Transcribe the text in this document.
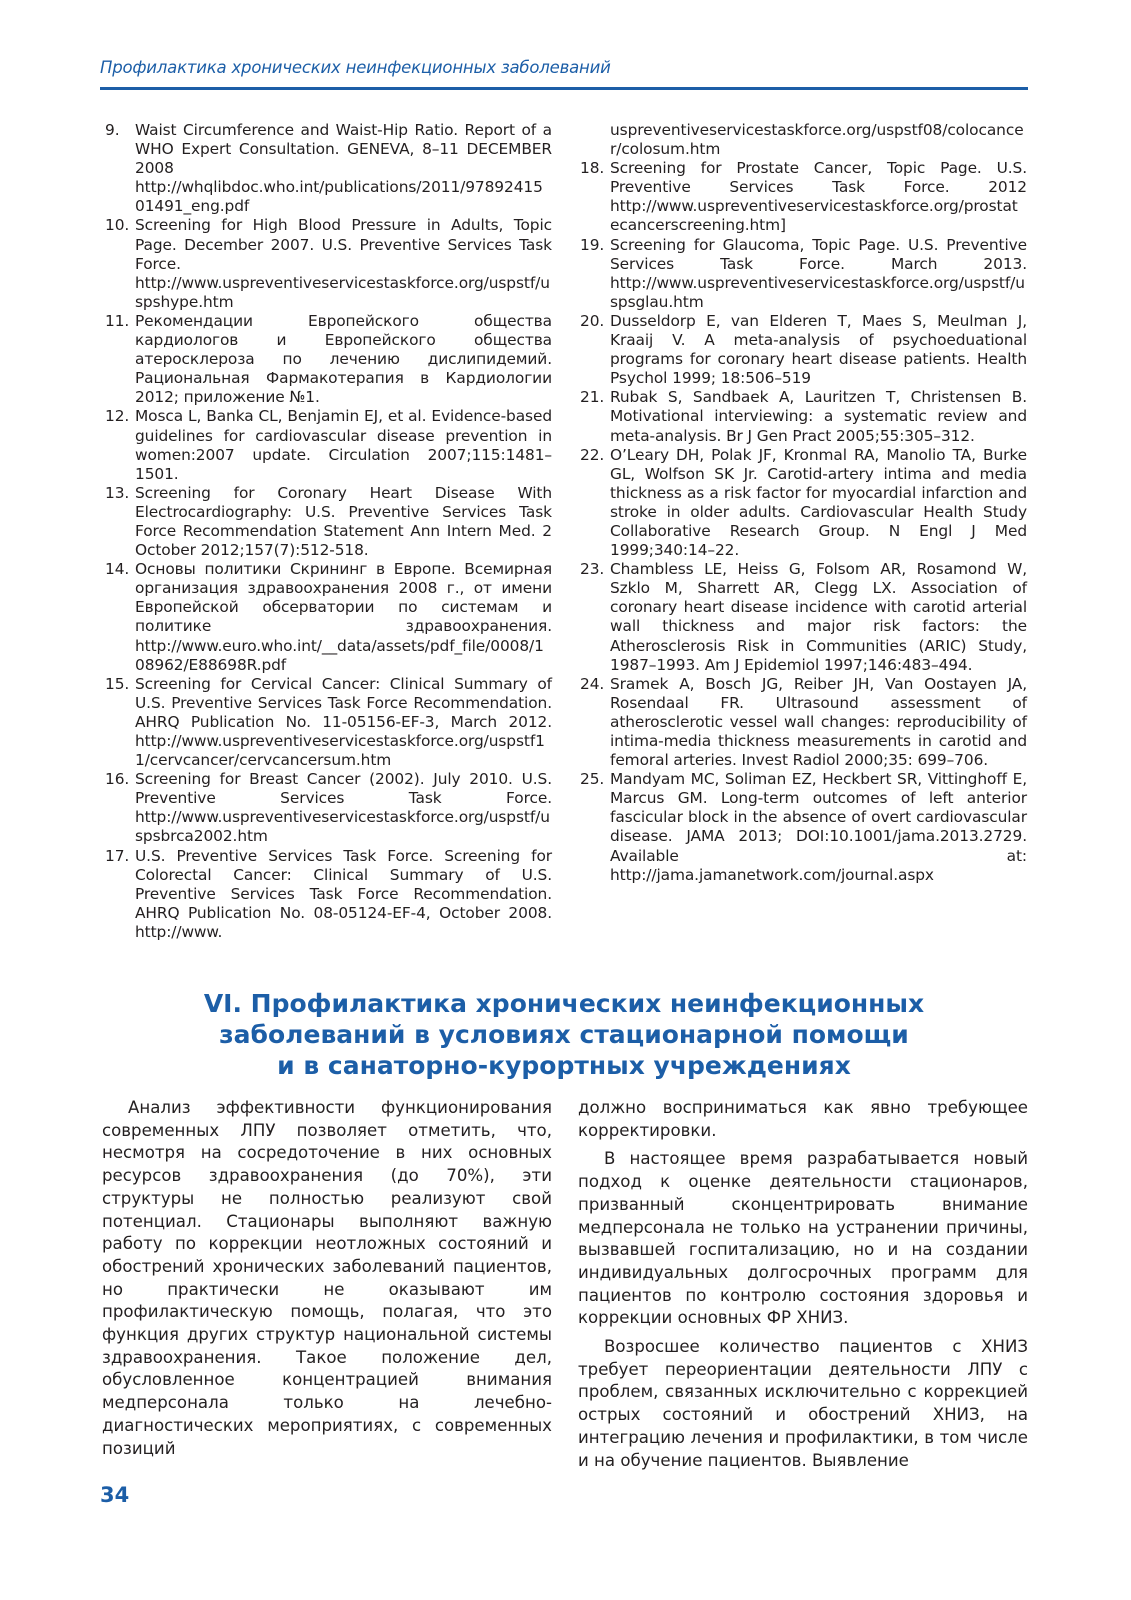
Профилактика хронических неинфекционных заболеваний
9.	Waist Circumference and Waist-Hip Ratio. Report of a WHO Expert Consultation. GENEVA, 8–11 DECEMBER 2008 http://whqlibdoc.who.int/publications/2011/9789241501491_eng.pdf
10. Screening for High Blood Pressure in Adults, Topic Page. December 2007. U.S. Preventive Services Task Force. http://www.uspreventiveservicestaskforce.org/uspstf/uspshype.htm
11. Рекомендации Европейского общества кардиологов и Европейского общества атеросклероза по лечению дислипидемий. Рациональная Фармакотерапия в Кардиологии 2012; приложение №1.
12. Mosca L, Banka CL, Benjamin EJ, et al. Evidence-based guidelines for cardiovascular disease prevention in women:2007 update. Circulation 2007;115:1481–1501.
13. Screening for Coronary Heart Disease With Electrocardiography: U.S. Preventive Services Task Force Recommendation Statement Ann Intern Med. 2 October 2012;157(7):512-518.
14. Основы политики Скрининг в Европе. Всемирная организация здравоохранения 2008 г., от имени Европейской обсерватории по системам и политике здравоохранения. http://www.euro.who.int/__data/assets/pdf_file/0008/108962/E88698R.pdf
15. Screening for Cervical Cancer: Clinical Summary of U.S. Preventive Services Task Force Recommendation. AHRQ Publication No. 11-05156-EF-3, March 2012. http://www.uspreventiveservicestaskforce.org/uspstf11/cervcancer/cervcancersum.htm
16. Screening for Breast Cancer (2002). July 2010. U.S. Preventive Services Task Force. http://www.uspreventiveservicestaskforce.org/uspstf/uspsbrca2002.htm
17. U.S. Preventive Services Task Force. Screening for Colorectal Cancer: Clinical Summary of U.S. Preventive Services Task Force Recommendation. AHRQ Publication No. 08-05124-EF-4, October 2008. http://www.
uspreventiveservicestaskforce.org/uspstf08/colocancer/colosum.htm
18. Screening for Prostate Cancer, Topic Page. U.S. Preventive Services Task Force. 2012 http://www.uspreventiveservicestaskforce.org/prostatecancerscreening.htm]
19. Screening for Glaucoma, Topic Page. U.S. Preventive Services Task Force. March 2013. http://www.uspreventiveservicestaskforce.org/uspstf/uspsglau.htm
20. Dusseldorp E, van Elderen T, Maes S, Meulman J, Kraaij V. A meta-analysis of psychoeduational programs for coronary heart disease patients. Health Psychol 1999; 18:506–519
21. Rubak S, Sandbaek A, Lauritzen T, Christensen B. Motivational interviewing: a systematic review and meta-analysis. Br J Gen Pract 2005;55:305–312.
22. O’Leary DH, Polak JF, Kronmal RA, Manolio TA, Burke GL, Wolfson SK Jr. Carotid-artery intima and media thickness as a risk factor for myocardial infarction and stroke in older adults. Cardiovascular Health Study Collaborative Research Group. N Engl J Med 1999;340:14–22.
23. Chambless LE, Heiss G, Folsom AR, Rosamond W, Szklo M, Sharrett AR, Clegg LX. Association of coronary heart disease incidence with carotid arterial wall thickness and major risk factors: the Atherosclerosis Risk in Communities (ARIC) Study, 1987–1993. Am J Epidemiol 1997;146:483–494.
24. Sramek A, Bosch JG, Reiber JH, Van Oostayen JA, Rosendaal FR. Ultrasound assessment of atherosclerotic vessel wall changes: reproducibility of intima-media thickness measurements in carotid and femoral arteries. Invest Radiol 2000;35: 699–706.
25. Mandyam MC, Soliman EZ, Heckbert SR, Vittinghoff E, Marcus GM. Long-term outcomes of left anterior fascicular block in the absence of overt cardiovascular disease. JAMA 2013; DOI:10.1001/jama.2013.2729. Available at: http://jama.jamanetwork.com/journal.aspx
VI. Профилактика хронических неинфекционных
заболеваний в условиях стационарной помощи
и в санаторно-курортных учреждениях

Анализ эффективности функционирования современных ЛПУ позволяет отметить, что, несмотря на сосредоточение в них основных ресурсов здравоохранения (до 70%), эти структуры не полностью реализуют свой потенциал. Стационары выполняют важную работу по коррекции неотложных состояний и обострений хронических заболеваний пациентов, но практически не оказывают им профилактическую помощь, полагая, что это функция других структур национальной системы здравоохранения. Такое положение дел, обусловленное концентрацией внимания медперсонала только на лечебно-диагностических мероприятиях, с современных позиций

должно восприниматься как явно требующее корректировки.

В настоящее время разрабатывается новый подход к оценке деятельности стационаров, призванный сконцентрировать внимание медперсонала не только на устранении причины, вызвавшей госпитализацию, но и на создании индивидуальных долгосрочных программ для пациентов по контролю состояния здоровья и коррекции основных ФР ХНИЗ.

Возросшее количество пациентов с ХНИЗ требует переориентации деятельности ЛПУ с проблем, связанных исключительно с коррекцией острых состояний и обострений ХНИЗ, на интеграцию лечения и профилактики, в том числе и на обучение пациентов. Выявление

34
